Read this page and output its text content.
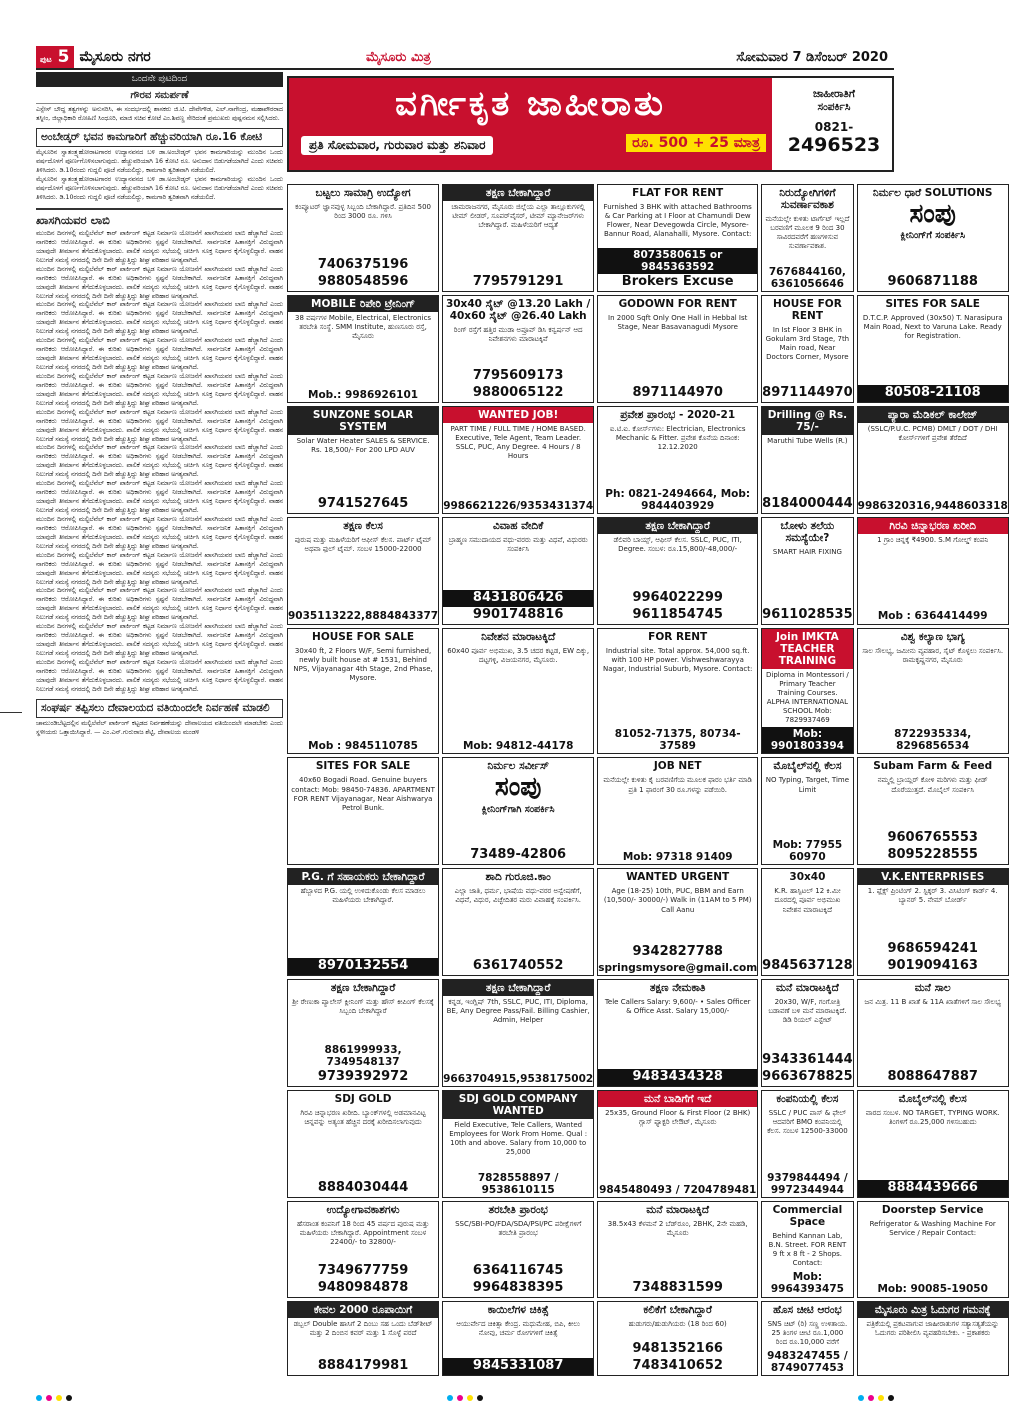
ಪುಟ 5 ಮೈಸೂರು ನಗರ	ಮೈಸೂರು ಮಿತ್ರ	ಸೋಮವಾರ 7 ಡಿಸೆಂಬರ್ 2020
ಒಂದನೇ ಪುಟದಿಂದ
ಗೌರವ ಸಮರ್ಪಣೆ
ಎಸ್ಪೇಸ್ ಬೌದ್ಧ ತತ್ವಗಳನ್ನು ಅನುಸರಿಸಿ, ಈ ಸಂದರ್ಭದಲ್ಲಿ ಶಾಸಕರು ಜಿ.ಟಿ. ದೇವೇಗೌಡ, ಎಲ್.ನಾಗೇಂದ್ರ, ಮಹಾಪೌರರಾದ ತಸ್ನೀಂ, ಜಿಲ್ಲಾಧಿಕಾರಿ ರೋಹಿಣಿ ಸಿಂಧೂರಿ, ಮಾಜಿ ಸಚಿವ ಕೋಟೆ ಎಂ.ಶಿವಣ್ಣ ಸೇರಿದಂತೆ ಪ್ರಮುಖರು ಪುಷ್ಪನಮನ ಸಲ್ಲಿಸಿದರು.
ಅಂಬೇಡ್ಕರ್ ಭವನ ಕಾಮಗಾರಿಗೆ ಹೆಚ್ಚುವರಿಯಾಗಿ ರೂ.16 ಕೋಟಿ
ಮೈಸೂರಿನ ಸ್ವಾತಂತ್ರ್ಯಹೋರಾಟಗಾರರ ಉದ್ಯಾನವನದ ಬಳಿ ಡಾ.ಅಂಬೇಡ್ಕರ್ ಭವನ ಕಾಮಗಾರಿಯನ್ನು ಮುಂದಿನ ಒಂದು ವರ್ಷದೊಳಗೆ ಪೂರ್ಣಗೊಳಿಸಲಾಗುವುದು. ಹೆಚ್ಚುವರಿಯಾಗಿ 16 ಕೋಟಿ ರೂ. ಅನುದಾನ ಬಿಡುಗಡೆಯಾಗಿದೆ ಎಂದು ಸಚಿವರು ತಿಳಿಸಿದರು. ಡಿ.10ರಂದು ಗುದ್ದಲಿ ಪೂಜೆ ನಡೆಯಲಿದ್ದು, ಕಾಮಗಾರಿ ತ್ವರಿತವಾಗಿ ನಡೆಯಲಿದೆ.
ಮೈಸೂರಿನ ಸ್ವಾತಂತ್ರ್ಯಹೋರಾಟಗಾರರ ಉದ್ಯಾನವನದ ಬಳಿ ಡಾ.ಅಂಬೇಡ್ಕರ್ ಭವನ ಕಾಮಗಾರಿಯನ್ನು ಮುಂದಿನ ಒಂದು ವರ್ಷದೊಳಗೆ ಪೂರ್ಣಗೊಳಿಸಲಾಗುವುದು. ಹೆಚ್ಚುವರಿಯಾಗಿ 16 ಕೋಟಿ ರೂ. ಅನುದಾನ ಬಿಡುಗಡೆಯಾಗಿದೆ ಎಂದು ಸಚಿವರು ತಿಳಿಸಿದರು. ಡಿ.10ರಂದು ಗುದ್ದಲಿ ಪೂಜೆ ನಡೆಯಲಿದ್ದು, ಕಾಮಗಾರಿ ತ್ವರಿತವಾಗಿ ನಡೆಯಲಿದೆ.
ಖಾಸಗಿಯವರ ಲಾಬಿ
ಮುಂದಿನ ದಿನಗಳಲ್ಲಿ ಮಲ್ಟಿಲೆವೆಲ್ ಕಾರ್ ಪಾರ್ಕಿಂಗ್ ಕಟ್ಟಡ ನಿರ್ಮಾಣ ಯೋಜನೆಗೆ ಖಾಸಗಿಯವರ ಲಾಬಿ ಹೆಚ್ಚಾಗಿದೆ ಎಂದು ನಾಗರಿಕರು ಆರೋಪಿಸಿದ್ದಾರೆ. ಈ ಕುರಿತು ಅಧಿಕಾರಿಗಳು ಸ್ಪಷ್ಟನೆ ನೀಡಬೇಕಾಗಿದೆ. ಸಾರ್ವಜನಿಕ ಹಿತಾಸಕ್ತಿಗೆ ವಿರುದ್ಧವಾಗಿ ಯಾವುದೇ ತೀರ್ಮಾನ ತೆಗೆದುಕೊಳ್ಳಬಾರದು. ಪಾಲಿಕೆ ಸದಸ್ಯರು ಸಭೆಯಲ್ಲಿ ಚರ್ಚಿಸಿ ಸೂಕ್ತ ನಿರ್ಧಾರ ಕೈಗೊಳ್ಳಲಿದ್ದಾರೆ. ವಾಹನ ನಿಲುಗಡೆ ಸಮಸ್ಯೆ ನಗರದಲ್ಲಿ ದಿನೇ ದಿನೇ ಹೆಚ್ಚುತ್ತಿದ್ದು ಶೀಘ್ರ ಪರಿಹಾರ ಅಗತ್ಯವಾಗಿದೆ.
ಮುಂದಿನ ದಿನಗಳಲ್ಲಿ ಮಲ್ಟಿಲೆವೆಲ್ ಕಾರ್ ಪಾರ್ಕಿಂಗ್ ಕಟ್ಟಡ ನಿರ್ಮಾಣ ಯೋಜನೆಗೆ ಖಾಸಗಿಯವರ ಲಾಬಿ ಹೆಚ್ಚಾಗಿದೆ ಎಂದು ನಾಗರಿಕರು ಆರೋಪಿಸಿದ್ದಾರೆ. ಈ ಕುರಿತು ಅಧಿಕಾರಿಗಳು ಸ್ಪಷ್ಟನೆ ನೀಡಬೇಕಾಗಿದೆ. ಸಾರ್ವಜನಿಕ ಹಿತಾಸಕ್ತಿಗೆ ವಿರುದ್ಧವಾಗಿ ಯಾವುದೇ ತೀರ್ಮಾನ ತೆಗೆದುಕೊಳ್ಳಬಾರದು. ಪಾಲಿಕೆ ಸದಸ್ಯರು ಸಭೆಯಲ್ಲಿ ಚರ್ಚಿಸಿ ಸೂಕ್ತ ನಿರ್ಧಾರ ಕೈಗೊಳ್ಳಲಿದ್ದಾರೆ. ವಾಹನ ನಿಲುಗಡೆ ಸಮಸ್ಯೆ ನಗರದಲ್ಲಿ ದಿನೇ ದಿನೇ ಹೆಚ್ಚುತ್ತಿದ್ದು ಶೀಘ್ರ ಪರಿಹಾರ ಅಗತ್ಯವಾಗಿದೆ.
ಮುಂದಿನ ದಿನಗಳಲ್ಲಿ ಮಲ್ಟಿಲೆವೆಲ್ ಕಾರ್ ಪಾರ್ಕಿಂಗ್ ಕಟ್ಟಡ ನಿರ್ಮಾಣ ಯೋಜನೆಗೆ ಖಾಸಗಿಯವರ ಲಾಬಿ ಹೆಚ್ಚಾಗಿದೆ ಎಂದು ನಾಗರಿಕರು ಆರೋಪಿಸಿದ್ದಾರೆ. ಈ ಕುರಿತು ಅಧಿಕಾರಿಗಳು ಸ್ಪಷ್ಟನೆ ನೀಡಬೇಕಾಗಿದೆ. ಸಾರ್ವಜನಿಕ ಹಿತಾಸಕ್ತಿಗೆ ವಿರುದ್ಧವಾಗಿ ಯಾವುದೇ ತೀರ್ಮಾನ ತೆಗೆದುಕೊಳ್ಳಬಾರದು. ಪಾಲಿಕೆ ಸದಸ್ಯರು ಸಭೆಯಲ್ಲಿ ಚರ್ಚಿಸಿ ಸೂಕ್ತ ನಿರ್ಧಾರ ಕೈಗೊಳ್ಳಲಿದ್ದಾರೆ. ವಾಹನ ನಿಲುಗಡೆ ಸಮಸ್ಯೆ ನಗರದಲ್ಲಿ ದಿನೇ ದಿನೇ ಹೆಚ್ಚುತ್ತಿದ್ದು ಶೀಘ್ರ ಪರಿಹಾರ ಅಗತ್ಯವಾಗಿದೆ.
ಮುಂದಿನ ದಿನಗಳಲ್ಲಿ ಮಲ್ಟಿಲೆವೆಲ್ ಕಾರ್ ಪಾರ್ಕಿಂಗ್ ಕಟ್ಟಡ ನಿರ್ಮಾಣ ಯೋಜನೆಗೆ ಖಾಸಗಿಯವರ ಲಾಬಿ ಹೆಚ್ಚಾಗಿದೆ ಎಂದು ನಾಗರಿಕರು ಆರೋಪಿಸಿದ್ದಾರೆ. ಈ ಕುರಿತು ಅಧಿಕಾರಿಗಳು ಸ್ಪಷ್ಟನೆ ನೀಡಬೇಕಾಗಿದೆ. ಸಾರ್ವಜನಿಕ ಹಿತಾಸಕ್ತಿಗೆ ವಿರುದ್ಧವಾಗಿ ಯಾವುದೇ ತೀರ್ಮಾನ ತೆಗೆದುಕೊಳ್ಳಬಾರದು. ಪಾಲಿಕೆ ಸದಸ್ಯರು ಸಭೆಯಲ್ಲಿ ಚರ್ಚಿಸಿ ಸೂಕ್ತ ನಿರ್ಧಾರ ಕೈಗೊಳ್ಳಲಿದ್ದಾರೆ. ವಾಹನ ನಿಲುಗಡೆ ಸಮಸ್ಯೆ ನಗರದಲ್ಲಿ ದಿನೇ ದಿನೇ ಹೆಚ್ಚುತ್ತಿದ್ದು ಶೀಘ್ರ ಪರಿಹಾರ ಅಗತ್ಯವಾಗಿದೆ.
ಮುಂದಿನ ದಿನಗಳಲ್ಲಿ ಮಲ್ಟಿಲೆವೆಲ್ ಕಾರ್ ಪಾರ್ಕಿಂಗ್ ಕಟ್ಟಡ ನಿರ್ಮಾಣ ಯೋಜನೆಗೆ ಖಾಸಗಿಯವರ ಲಾಬಿ ಹೆಚ್ಚಾಗಿದೆ ಎಂದು ನಾಗರಿಕರು ಆರೋಪಿಸಿದ್ದಾರೆ. ಈ ಕುರಿತು ಅಧಿಕಾರಿಗಳು ಸ್ಪಷ್ಟನೆ ನೀಡಬೇಕಾಗಿದೆ. ಸಾರ್ವಜನಿಕ ಹಿತಾಸಕ್ತಿಗೆ ವಿರುದ್ಧವಾಗಿ ಯಾವುದೇ ತೀರ್ಮಾನ ತೆಗೆದುಕೊಳ್ಳಬಾರದು. ಪಾಲಿಕೆ ಸದಸ್ಯರು ಸಭೆಯಲ್ಲಿ ಚರ್ಚಿಸಿ ಸೂಕ್ತ ನಿರ್ಧಾರ ಕೈಗೊಳ್ಳಲಿದ್ದಾರೆ. ವಾಹನ ನಿಲುಗಡೆ ಸಮಸ್ಯೆ ನಗರದಲ್ಲಿ ದಿನೇ ದಿನೇ ಹೆಚ್ಚುತ್ತಿದ್ದು ಶೀಘ್ರ ಪರಿಹಾರ ಅಗತ್ಯವಾಗಿದೆ.
ಮುಂದಿನ ದಿನಗಳಲ್ಲಿ ಮಲ್ಟಿಲೆವೆಲ್ ಕಾರ್ ಪಾರ್ಕಿಂಗ್ ಕಟ್ಟಡ ನಿರ್ಮಾಣ ಯೋಜನೆಗೆ ಖಾಸಗಿಯವರ ಲಾಬಿ ಹೆಚ್ಚಾಗಿದೆ ಎಂದು ನಾಗರಿಕರು ಆರೋಪಿಸಿದ್ದಾರೆ. ಈ ಕುರಿತು ಅಧಿಕಾರಿಗಳು ಸ್ಪಷ್ಟನೆ ನೀಡಬೇಕಾಗಿದೆ. ಸಾರ್ವಜನಿಕ ಹಿತಾಸಕ್ತಿಗೆ ವಿರುದ್ಧವಾಗಿ ಯಾವುದೇ ತೀರ್ಮಾನ ತೆಗೆದುಕೊಳ್ಳಬಾರದು. ಪಾಲಿಕೆ ಸದಸ್ಯರು ಸಭೆಯಲ್ಲಿ ಚರ್ಚಿಸಿ ಸೂಕ್ತ ನಿರ್ಧಾರ ಕೈಗೊಳ್ಳಲಿದ್ದಾರೆ. ವಾಹನ ನಿಲುಗಡೆ ಸಮಸ್ಯೆ ನಗರದಲ್ಲಿ ದಿನೇ ದಿನೇ ಹೆಚ್ಚುತ್ತಿದ್ದು ಶೀಘ್ರ ಪರಿಹಾರ ಅಗತ್ಯವಾಗಿದೆ.
ಮುಂದಿನ ದಿನಗಳಲ್ಲಿ ಮಲ್ಟಿಲೆವೆಲ್ ಕಾರ್ ಪಾರ್ಕಿಂಗ್ ಕಟ್ಟಡ ನಿರ್ಮಾಣ ಯೋಜನೆಗೆ ಖಾಸಗಿಯವರ ಲಾಬಿ ಹೆಚ್ಚಾಗಿದೆ ಎಂದು ನಾಗರಿಕರು ಆರೋಪಿಸಿದ್ದಾರೆ. ಈ ಕುರಿತು ಅಧಿಕಾರಿಗಳು ಸ್ಪಷ್ಟನೆ ನೀಡಬೇಕಾಗಿದೆ. ಸಾರ್ವಜನಿಕ ಹಿತಾಸಕ್ತಿಗೆ ವಿರುದ್ಧವಾಗಿ ಯಾವುದೇ ತೀರ್ಮಾನ ತೆಗೆದುಕೊಳ್ಳಬಾರದು. ಪಾಲಿಕೆ ಸದಸ್ಯರು ಸಭೆಯಲ್ಲಿ ಚರ್ಚಿಸಿ ಸೂಕ್ತ ನಿರ್ಧಾರ ಕೈಗೊಳ್ಳಲಿದ್ದಾರೆ. ವಾಹನ ನಿಲುಗಡೆ ಸಮಸ್ಯೆ ನಗರದಲ್ಲಿ ದಿನೇ ದಿನೇ ಹೆಚ್ಚುತ್ತಿದ್ದು ಶೀಘ್ರ ಪರಿಹಾರ ಅಗತ್ಯವಾಗಿದೆ.
ಮುಂದಿನ ದಿನಗಳಲ್ಲಿ ಮಲ್ಟಿಲೆವೆಲ್ ಕಾರ್ ಪಾರ್ಕಿಂಗ್ ಕಟ್ಟಡ ನಿರ್ಮಾಣ ಯೋಜನೆಗೆ ಖಾಸಗಿಯವರ ಲಾಬಿ ಹೆಚ್ಚಾಗಿದೆ ಎಂದು ನಾಗರಿಕರು ಆರೋಪಿಸಿದ್ದಾರೆ. ಈ ಕುರಿತು ಅಧಿಕಾರಿಗಳು ಸ್ಪಷ್ಟನೆ ನೀಡಬೇಕಾಗಿದೆ. ಸಾರ್ವಜನಿಕ ಹಿತಾಸಕ್ತಿಗೆ ವಿರುದ್ಧವಾಗಿ ಯಾವುದೇ ತೀರ್ಮಾನ ತೆಗೆದುಕೊಳ್ಳಬಾರದು. ಪಾಲಿಕೆ ಸದಸ್ಯರು ಸಭೆಯಲ್ಲಿ ಚರ್ಚಿಸಿ ಸೂಕ್ತ ನಿರ್ಧಾರ ಕೈಗೊಳ್ಳಲಿದ್ದಾರೆ. ವಾಹನ ನಿಲುಗಡೆ ಸಮಸ್ಯೆ ನಗರದಲ್ಲಿ ದಿನೇ ದಿನೇ ಹೆಚ್ಚುತ್ತಿದ್ದು ಶೀಘ್ರ ಪರಿಹಾರ ಅಗತ್ಯವಾಗಿದೆ.
ಮುಂದಿನ ದಿನಗಳಲ್ಲಿ ಮಲ್ಟಿಲೆವೆಲ್ ಕಾರ್ ಪಾರ್ಕಿಂಗ್ ಕಟ್ಟಡ ನಿರ್ಮಾಣ ಯೋಜನೆಗೆ ಖಾಸಗಿಯವರ ಲಾಬಿ ಹೆಚ್ಚಾಗಿದೆ ಎಂದು ನಾಗರಿಕರು ಆರೋಪಿಸಿದ್ದಾರೆ. ಈ ಕುರಿತು ಅಧಿಕಾರಿಗಳು ಸ್ಪಷ್ಟನೆ ನೀಡಬೇಕಾಗಿದೆ. ಸಾರ್ವಜನಿಕ ಹಿತಾಸಕ್ತಿಗೆ ವಿರುದ್ಧವಾಗಿ ಯಾವುದೇ ತೀರ್ಮಾನ ತೆಗೆದುಕೊಳ್ಳಬಾರದು. ಪಾಲಿಕೆ ಸದಸ್ಯರು ಸಭೆಯಲ್ಲಿ ಚರ್ಚಿಸಿ ಸೂಕ್ತ ನಿರ್ಧಾರ ಕೈಗೊಳ್ಳಲಿದ್ದಾರೆ. ವಾಹನ ನಿಲುಗಡೆ ಸಮಸ್ಯೆ ನಗರದಲ್ಲಿ ದಿನೇ ದಿನೇ ಹೆಚ್ಚುತ್ತಿದ್ದು ಶೀಘ್ರ ಪರಿಹಾರ ಅಗತ್ಯವಾಗಿದೆ.
ಮುಂದಿನ ದಿನಗಳಲ್ಲಿ ಮಲ್ಟಿಲೆವೆಲ್ ಕಾರ್ ಪಾರ್ಕಿಂಗ್ ಕಟ್ಟಡ ನಿರ್ಮಾಣ ಯೋಜನೆಗೆ ಖಾಸಗಿಯವರ ಲಾಬಿ ಹೆಚ್ಚಾಗಿದೆ ಎಂದು ನಾಗರಿಕರು ಆರೋಪಿಸಿದ್ದಾರೆ. ಈ ಕುರಿತು ಅಧಿಕಾರಿಗಳು ಸ್ಪಷ್ಟನೆ ನೀಡಬೇಕಾಗಿದೆ. ಸಾರ್ವಜನಿಕ ಹಿತಾಸಕ್ತಿಗೆ ವಿರುದ್ಧವಾಗಿ ಯಾವುದೇ ತೀರ್ಮಾನ ತೆಗೆದುಕೊಳ್ಳಬಾರದು. ಪಾಲಿಕೆ ಸದಸ್ಯರು ಸಭೆಯಲ್ಲಿ ಚರ್ಚಿಸಿ ಸೂಕ್ತ ನಿರ್ಧಾರ ಕೈಗೊಳ್ಳಲಿದ್ದಾರೆ. ವಾಹನ ನಿಲುಗಡೆ ಸಮಸ್ಯೆ ನಗರದಲ್ಲಿ ದಿನೇ ದಿನೇ ಹೆಚ್ಚುತ್ತಿದ್ದು ಶೀಘ್ರ ಪರಿಹಾರ ಅಗತ್ಯವಾಗಿದೆ.
ಮುಂದಿನ ದಿನಗಳಲ್ಲಿ ಮಲ್ಟಿಲೆವೆಲ್ ಕಾರ್ ಪಾರ್ಕಿಂಗ್ ಕಟ್ಟಡ ನಿರ್ಮಾಣ ಯೋಜನೆಗೆ ಖಾಸಗಿಯವರ ಲಾಬಿ ಹೆಚ್ಚಾಗಿದೆ ಎಂದು ನಾಗರಿಕರು ಆರೋಪಿಸಿದ್ದಾರೆ. ಈ ಕುರಿತು ಅಧಿಕಾರಿಗಳು ಸ್ಪಷ್ಟನೆ ನೀಡಬೇಕಾಗಿದೆ. ಸಾರ್ವಜನಿಕ ಹಿತಾಸಕ್ತಿಗೆ ವಿರುದ್ಧವಾಗಿ ಯಾವುದೇ ತೀರ್ಮಾನ ತೆಗೆದುಕೊಳ್ಳಬಾರದು. ಪಾಲಿಕೆ ಸದಸ್ಯರು ಸಭೆಯಲ್ಲಿ ಚರ್ಚಿಸಿ ಸೂಕ್ತ ನಿರ್ಧಾರ ಕೈಗೊಳ್ಳಲಿದ್ದಾರೆ. ವಾಹನ ನಿಲುಗಡೆ ಸಮಸ್ಯೆ ನಗರದಲ್ಲಿ ದಿನೇ ದಿನೇ ಹೆಚ್ಚುತ್ತಿದ್ದು ಶೀಘ್ರ ಪರಿಹಾರ ಅಗತ್ಯವಾಗಿದೆ.
ಮುಂದಿನ ದಿನಗಳಲ್ಲಿ ಮಲ್ಟಿಲೆವೆಲ್ ಕಾರ್ ಪಾರ್ಕಿಂಗ್ ಕಟ್ಟಡ ನಿರ್ಮಾಣ ಯೋಜನೆಗೆ ಖಾಸಗಿಯವರ ಲಾಬಿ ಹೆಚ್ಚಾಗಿದೆ ಎಂದು ನಾಗರಿಕರು ಆರೋಪಿಸಿದ್ದಾರೆ. ಈ ಕುರಿತು ಅಧಿಕಾರಿಗಳು ಸ್ಪಷ್ಟನೆ ನೀಡಬೇಕಾಗಿದೆ. ಸಾರ್ವಜನಿಕ ಹಿತಾಸಕ್ತಿಗೆ ವಿರುದ್ಧವಾಗಿ ಯಾವುದೇ ತೀರ್ಮಾನ ತೆಗೆದುಕೊಳ್ಳಬಾರದು. ಪಾಲಿಕೆ ಸದಸ್ಯರು ಸಭೆಯಲ್ಲಿ ಚರ್ಚಿಸಿ ಸೂಕ್ತ ನಿರ್ಧಾರ ಕೈಗೊಳ್ಳಲಿದ್ದಾರೆ. ವಾಹನ ನಿಲುಗಡೆ ಸಮಸ್ಯೆ ನಗರದಲ್ಲಿ ದಿನೇ ದಿನೇ ಹೆಚ್ಚುತ್ತಿದ್ದು ಶೀಘ್ರ ಪರಿಹಾರ ಅಗತ್ಯವಾಗಿದೆ.
ಮುಂದಿನ ದಿನಗಳಲ್ಲಿ ಮಲ್ಟಿಲೆವೆಲ್ ಕಾರ್ ಪಾರ್ಕಿಂಗ್ ಕಟ್ಟಡ ನಿರ್ಮಾಣ ಯೋಜನೆಗೆ ಖಾಸಗಿಯವರ ಲಾಬಿ ಹೆಚ್ಚಾಗಿದೆ ಎಂದು ನಾಗರಿಕರು ಆರೋಪಿಸಿದ್ದಾರೆ. ಈ ಕುರಿತು ಅಧಿಕಾರಿಗಳು ಸ್ಪಷ್ಟನೆ ನೀಡಬೇಕಾಗಿದೆ. ಸಾರ್ವಜನಿಕ ಹಿತಾಸಕ್ತಿಗೆ ವಿರುದ್ಧವಾಗಿ ಯಾವುದೇ ತೀರ್ಮಾನ ತೆಗೆದುಕೊಳ್ಳಬಾರದು. ಪಾಲಿಕೆ ಸದಸ್ಯರು ಸಭೆಯಲ್ಲಿ ಚರ್ಚಿಸಿ ಸೂಕ್ತ ನಿರ್ಧಾರ ಕೈಗೊಳ್ಳಲಿದ್ದಾರೆ. ವಾಹನ ನಿಲುಗಡೆ ಸಮಸ್ಯೆ ನಗರದಲ್ಲಿ ದಿನೇ ದಿನೇ ಹೆಚ್ಚುತ್ತಿದ್ದು ಶೀಘ್ರ ಪರಿಹಾರ ಅಗತ್ಯವಾಗಿದೆ.
ಸಂಘರ್ಷ ತಪ್ಪಿಸಲು ದೇವಾಲಯದ ವತಿಯಿಂದಲೇ ನಿರ್ವಹಣೆ ಮಾಡಲಿ
ಚಾಮುಂಡಿಬೆಟ್ಟದಲ್ಲಿನ ಮಲ್ಟಿಲೆವೆಲ್ ಪಾರ್ಕಿಂಗ್ ಕಟ್ಟಡದ ನಿರ್ವಹಣೆಯನ್ನು ದೇವಾಲಯದ ವತಿಯಿಂದಲೇ ಮಾಡಬೇಕು ಎಂದು ಸ್ಥಳೀಯರು ಒತ್ತಾಯಿಸಿದ್ದಾರೆ. — ಎಂ.ಎನ್.ಗುರುರಾಜ ಶೆಟ್ಟಿ, ದೇವಾಲಯ ಮಂಡಳಿ
ವರ್ಗೀಕೃತ ಜಾಹೀರಾತು
ಪ್ರತಿ ಸೋಮವಾರ, ಗುರುವಾರ ಮತ್ತು ಶನಿವಾರ	ರೂ. 500 + 25 ಮಾತ್ರ
ಜಾಹೀರಾತಿಗೆ
ಸಂಪರ್ಕಿಸಿ
0821-
2496523
ಬಟ್ಟಲು ಸಾಮಾಗ್ರಿ ಉದ್ಯೋಗ
ಕಂಪ್ಯೂಟರ್ ಜ್ಞಾನವುಳ್ಳ ಸಿಬ್ಬಂದಿ ಬೇಕಾಗಿದ್ದಾರೆ. ಪ್ರತಿದಿನ 500 ರಿಂದ 3000 ರೂ. ಗಳಿಸಿ
7406375196
9880548596
ತಕ್ಷಣ ಬೇಕಾಗಿದ್ದಾರೆ
ಚಾಮರಾಜನಗರ, ಮೈಸೂರು ಜಿಲ್ಲೆಯ ಎಲ್ಲಾ ತಾಲ್ಲೂಕುಗಳಲ್ಲಿ ಟೀಮ್ ಲೀಡರ್, ಸೂಪರ್‌ವೈಸರ್, ಟೀಮ್ ಮ್ಯಾನೇಜರ್‌ಗಳು ಬೇಕಾಗಿದ್ದಾರೆ. ಮಹಿಳೆಯರಿಗೆ ಆದ್ಯತೆ
7795791291
FLAT FOR RENT
Furnished 3 BHK with attached Bathrooms & Car Parking at I Floor at Chamundi Dew Flower, Near Devegowda Circle, Mysore-Bannur Road, Alanahalli, Mysore. Contact:
8073580615 or 9845363592
Brokers Excuse
ನಿರುದ್ಯೋಗಿಗಳಿಗೆ ಸುವರ್ಣಾವಕಾಶ
ಮನೆಯಲ್ಲೇ ಕುಳಿತು ಟಾರ್ಗೆಟ್ ಇಲ್ಲದೆ ಬರವಣಿಗೆ ಮೂಲಕ 9 ರಿಂದ 30 ಸಾವಿರದವರೆಗೆ ಹಣಗಳಿಸುವ ಸುವರ್ಣಾವಕಾಶ.
7676844160, 6361056646
ನಿರ್ಮಲ ಧಾರೆ SOLUTIONS
ಸಂಪು
ಕ್ಲೀನಿಂಗ್‌ಗೆ ಸಂಪರ್ಕಿಸಿ
9606871188
MOBILE ರಿಪೇರಿ ಟ್ರೇನಿಂಗ್
38 ವರ್ಷಗಳ Mobile, Electrical, Electronics ತರಬೇತಿ ಸಂಸ್ಥೆ. SMM Institute, ಹುಣಸೂರು ರಸ್ತೆ, ಮೈಸೂರು
Mob.: 9986926101
30x40 ಸೈಟ್ @13.20 Lakh / 40x60 ಸೈಟ್ @26.40 Lakh
ರಿಂಗ್ ರಸ್ತೆಗೆ ಹತ್ತಿರ ಮುಡಾ ಅಪ್ರೂವ್ ಡಿಸಿ ಕನ್ವರ್ಷನ್ ಆದ ನಿವೇಶನಗಳು ಮಾರಾಟಕ್ಕಿವೆ
7795609173
9880065122
GODOWN FOR RENT
In 2000 Sqft Only One Hall in Hebbal Ist Stage, Near Basavanagudi Mysore
8971144970
HOUSE FOR RENT
In Ist Floor 3 BHK in Gokulam 3rd Stage, 7th Main road, Near Doctors Corner, Mysore
8971144970
SITES FOR SALE
D.T.C.P. Approved (30x50) T. Narasipura Main Road, Next to Varuna Lake. Ready for Registration.
80508-21108
SUNZONE SOLAR SYSTEM
Solar Water Heater SALES & SERVICE. Rs. 18,500/- For 200 LPD AUV
9741527645
WANTED JOB!
PART TIME / FULL TIME / HOME BASED. Executive, Tele Agent, Team Leader. SSLC, PUC, Any Degree. 4 Hours / 8 Hours
9986621226/9353431374
ಪ್ರವೇಶ ಪ್ರಾರಂಭ - 2020-21
ಐ.ಟಿ.ಐ. ಕೋರ್ಸ್‌ಗಳು: Electrician, Electronics Mechanic & Fitter. ಪ್ರವೇಶ ಕೊನೆಯ ದಿನಾಂಕ: 12.12.2020
Ph: 0821-2494664, Mob: 9844403929
Drilling @ Rs. 75/-
Maruthi Tube Wells (R.)
8184000444
ಪ್ಯಾರಾ ಮೆಡಿಕಲ್ ಕಾಲೇಜ್
(SSLC/P.U.C. PCMB) DMLT / DOT / DHI ಕೋರ್ಸ್‌ಗಳಿಗೆ ಪ್ರವೇಶ ತೆರೆದಿದೆ
9986320316,9448603318
ತಕ್ಷಣ ಕೆಲಸ
ಪುರುಷ ಮತ್ತು ಮಹಿಳೆಯರಿಗೆ ಆಫೀಸ್ ಕೆಲಸ. ಪಾರ್ಟ್ ಟೈಮ್ ಅಥವಾ ಫುಲ್ ಟೈಮ್. ಸಂಬಳ 15000-22000
9035113222,8884843377
ವಿವಾಹ ವೇದಿಕೆ
ಬ್ರಾಹ್ಮಣ ಸಮುದಾಯದ ವಧು-ವರರು ಮತ್ತು ವಿಧವೆ, ವಿಧುರರು ಸಂಪರ್ಕಿಸಿ
8431806426
9901748816
ತಕ್ಷಣ ಬೇಕಾಗಿದ್ದಾರೆ
ಡೆಲಿವರಿ ಬಾಯ್ಸ್, ಆಫೀಸ್ ಕೆಲಸ. SSLC, PUC, ITI, Degree. ಸಂಬಳ: ರೂ.15,800/-48,000/-
9964022299
9611854745
ಬೋಳು ತಲೆಯ ಸಮಸ್ಯೆಯೇ?
SMART HAIR FIXING
9611028535
ಗಿರವಿ ಚಿನ್ನಾಭರಣ ಖರೀದಿ
1 ಗ್ರಾಂ ಚಿನ್ನಕ್ಕೆ ₹4900. S.M ಗೋಲ್ಡ್ ಕಂಪನಿ
Mob : 6364414499
HOUSE FOR SALE
30x40 ft, 2 Floors W/F, Semi furnished, newly built house at # 1531, Behind NPS, Vijayanagar 4th Stage, 2nd Phase, Mysore.
Mob : 9845110785
ನಿವೇಶನ ಮಾರಾಟಕ್ಕಿದೆ
60x40 ಪೂರ್ವ ಅಭಿಮುಖ, 3.5 ಚದರ ಕಟ್ಟಡ, EW ದಿಕ್ಕು, ದಟ್ಟಗಳ್ಳಿ, ವಿಜಯನಗರ, ಮೈಸೂರು.
Mob: 94812-44178
FOR RENT
Industrial site. Total approx. 54,000 sq.ft. with 100 HP power. Vishweshwarayya Nagar, Industrial Suburb, Mysore. Contact:
81052-71375, 80734-37589
Join IMKTA TEACHER TRAINING
Diploma in Montessori / Primary Teacher Training Courses. ALPHA INTERNATIONAL SCHOOL Mob: 7829937469
Mob: 9901803394
ವಿಶ್ವ ಕಲ್ಯಾಣ ಭಾಗ್ಯ
ಸಾಲ ಸೌಲಭ್ಯ, ಜಮೀನು ವ್ಯವಹಾರ, ಸೈಟ್ ಕೊಳ್ಳಲು ಸಂಪರ್ಕಿಸಿ. ರಾಮಕೃಷ್ಣನಗರ, ಮೈಸೂರು
8722935334, 8296856534
SITES FOR SALE
40x60 Bogadi Road. Genuine buyers contact: Mob: 98450-74836. APARTMENT FOR RENT Vijayanagar, Near Aishwarya Petrol Bunk.
ನಿರ್ಮಲ ಸರ್ವೀಸ್
ಸಂಪು
ಕ್ಲೀನಿಂಗ್‌ಗಾಗಿ ಸಂಪರ್ಕಿಸಿ
73489-42806
JOB NET
ಮನೆಯಲ್ಲೇ ಕುಳಿತು ಕೈ ಬರವಣಿಗೆಯ ಮೂಲಕ ಫಾರಂ ಭರ್ತಿ ಮಾಡಿ ಪ್ರತಿ 1 ಫಾರಂಗೆ 30 ರೂ.ಗಳನ್ನು ಪಡೆಯಿರಿ.
Mob: 97318 91409
ಮೊಬೈಲ್‌ನಲ್ಲಿ ಕೆಲಸ
NO Typing, Target, Time Limit
Mob: 77955 60970
Subam Farm & Feed
ನಮ್ಮಲ್ಲಿ ಬ್ರಾಯ್ಲರ್ ಕೋಳಿ ಮರಿಗಳು ಮತ್ತು ಫೀಡ್ ದೊರೆಯುತ್ತದೆ. ಮೊಬೈಲ್ ಸಂಪರ್ಕಿಸಿ
9606765553
8095228555
P.G. ಗೆ ಸಹಾಯಕರು ಬೇಕಾಗಿದ್ದಾರೆ
ಹೆಬ್ಬಾಳದ P.G. ಯಲ್ಲಿ ಉಳಿದುಕೊಂಡು ಕೆಲಸ ಮಾಡಲು ಮಹಿಳೆಯರು ಬೇಕಾಗಿದ್ದಾರೆ.
8970132554
ಶಾದಿ ಗುರೂಜಿ.ಕಾಂ
ಎಲ್ಲಾ ಜಾತಿ, ಧರ್ಮ, ಭಾಷೆಯ ವಧು-ವರರ ಅನ್ವೇಷಣೆಗೆ, ವಿಧವೆ, ವಿಧುರ, ವಿಚ್ಛೇದಿತರ ಮರು ವಿವಾಹಕ್ಕೆ ಸಂಪರ್ಕಿಸಿ.
6361740552
WANTED URGENT
Age (18-25) 10th, PUC, BBM and Earn (10,500/- 30000/-) Walk in (11AM to 5 PM) Call Aanu
9342827788
springsmysore@gmail.com
30x40
K.R. ಹಾಸ್ಪಿಟಲ್ 12 ಕಿ.ಮೀ ದೂರದಲ್ಲಿ ಪೂರ್ವ ಅಭಿಮುಖ ನಿವೇಶನ ಮಾರಾಟಕ್ಕಿದೆ
9845637128
V.K.ENTERPRISES
1. ಫ್ಲೆಕ್ಸ್ ಪ್ರಿಂಟಿಂಗ್ 2. ಸ್ಟಿಕ್ಕರ್ 3. ವಿಸಿಟಿಂಗ್ ಕಾರ್ಡ್ 4. ಬ್ಯಾನರ್ 5. ನೇಮ್ ಬೋರ್ಡ್
9686594241
9019094163
ತಕ್ಷಣ ಬೇಕಾಗಿದ್ದಾರೆ
ಶ್ರೀ ರೇಣುಕಾ ಪ್ಯಾಲೇಸ್ ಕ್ಲೀನಿಂಗ್ ಮತ್ತು ಹೌಸ್ ಕೀಪಿಂಗ್ ಕೆಲಸಕ್ಕೆ ಸಿಬ್ಬಂದಿ ಬೇಕಾಗಿದ್ದಾರೆ
8861999933, 7349548137
9739392972
ತಕ್ಷಣ ಬೇಕಾಗಿದ್ದಾರೆ
ಕನ್ನಡ, ಇಂಗ್ಲಿಷ್ 7th, SSLC, PUC, ITI, Diploma, BE, Any Degree Pass/Fail. Billing Cashier, Admin, Helper
9663704915,9538175002
ತಕ್ಷಣ ನೇಮಕಾತಿ
Tele Callers Salary: 9,600/- • Sales Officer & Office Asst. Salary 15,000/-
9483434328
ಮನೆ ಮಾರಾಟಕ್ಕಿದೆ
20x30, W/F, ಗಂಗೋತ್ರಿ ಬಡಾವಣೆ ಬಳಿ ಮನೆ ಮಾರಾಟಕ್ಕಿದೆ. ಡಿಡಿ ರಿಯಲ್ ಎಸ್ಟೇಟ್
9343361444
9663678825
ಮನೆ ಸಾಲ
ಜನ ಮಿತ್ರ. 11 B ಖಾತೆ & 11A ಖಾತೆಗಳಿಗೆ ಸಾಲ ಸೌಲಭ್ಯ
8088647887
SDJ GOLD
ಗಿರವಿ ಚಿನ್ನಾಭರಣ ಖರೀದಿ. ಬ್ಯಾಂಕ್‌ಗಳಲ್ಲಿ ಅಡಮಾನವಿಟ್ಟ ಚಿನ್ನವನ್ನು ಅತ್ಯಂತ ಹೆಚ್ಚಿನ ದರಕ್ಕೆ ಖರೀದಿಸಲಾಗುವುದು
8884030444
SDJ GOLD COMPANY WANTED
Field Executive, Tele Callers, Wanted Employees for Work From Home. Qual : 10th and above. Salary from 10,000 to 25,000
7828558897 / 9538610115
ಮನೆ ಬಾಡಿಗೆಗೆ ಇದೆ
25x35, Ground Floor & First Floor (2 BHK) ಗ್ಲಾಸ್ ಫ್ಯಾಕ್ಟರಿ ಲೇಔಟ್, ಮೈಸೂರು
9845480493 / 7204789481
ಕಂಪನಿಯಲ್ಲಿ ಕೆಲಸ
SSLC / PUC ಪಾಸ್ & ಫೇಲ್ ಆದವರಿಗೆ BMO ಕಂಪನಿಯಲ್ಲಿ ಕೆಲಸ. ಸಂಬಳ 12500-33000
9379844494 / 9972344944
ಮೊಬೈಲ್‌ನಲ್ಲಿ ಕೆಲಸ
ವಾರದ ಸಂಬಳ. NO TARGET, TYPING WORK. ತಿಂಗಳಿಗೆ ರೂ.25,000 ಗಳಿಸಬಹುದು
8884439666
ಉದ್ಯೋಗಾವಕಾಶಗಳು
ಹೆಸರಾಂತ ಕಂಪನಿಗೆ 18 ರಿಂದ 45 ವರ್ಷದ ಪುರುಷ ಮತ್ತು ಮಹಿಳೆಯರು ಬೇಕಾಗಿದ್ದಾರೆ. Appointment ಸಂಬಳ 22400/- to 32800/-
7349677759
9480984878
ತರಬೇತಿ ಪ್ರಾರಂಭ
SSC/SBI-PO/FDA/SDA/PSI/PC ಪರೀಕ್ಷೆಗಳಿಗೆ ತರಬೇತಿ ಪ್ರಾರಂಭ
6364116745
9964838395
ಮನೆ ಮಾರಾಟಕ್ಕಿದೆ
38.5x43 ಕೆಳಮನೆ 2 ಬೆಡ್‌ರೂಂ, 2BHK, 2ನೇ ಮಹಡಿ, ಮೈಸೂರು
7348831599
Commercial Space
Behind Kannan Lab, B.N. Street. FOR RENT 9 ft x 8 ft - 2 Shops. Contact:
Mob: 9964393475
Doorstep Service
Refrigerator & Washing Machine For Service / Repair Contact:
Mob: 90085-19050
ಕೇವಲ 2000 ರೂಪಾಯಿಗೆ
ಡಬ್ಬಲ್ Double ಹಾಸಿಗೆ 2 ದಿಂಬು ಸಹ ಒಂದು ಬೆಡ್‌ಶೀಟ್ ಮತ್ತು 2 ದಿಂಬಿನ ಕವರ್ ಮತ್ತು 1 ಸೊಳ್ಳೆ ಪರದೆ
8884179981
ಕಾಯಿಲೆಗಳ ಚಿಕಿತ್ಸೆ
ಆಯುರ್ವೇದ ಚಿಕಿತ್ಸಾ ಕೇಂದ್ರ. ಮಧುಮೇಹ, ಬಿಪಿ, ಕೀಲು ನೋವು, ಚರ್ಮ ರೋಗಗಳಿಗೆ ಚಿಕಿತ್ಸೆ
9845331087
ಕಲಿಕೆಗೆ ಬೇಕಾಗಿದ್ದಾರೆ
ಹುಡುಗರು/ಹುಡುಗಿಯರು (18 ರಿಂದ 60)
9481352166
7483410652
ಹೊಸ ಚೀಟಿ ಆರಂಭ
SNS ಚಿಟ್ (ರಿ) ಸಣ್ಣ ಉಳಿತಾಯ. 25 ತಿಂಗಳ ಚೀಟಿ ರೂ.1,000 ರಿಂದ ರೂ.10,000 ವರೆಗೆ
9483247455 / 8749077453
ಮೈಸೂರು ಮಿತ್ರ ಓದುಗರ ಗಮನಕ್ಕೆ
ಪತ್ರಿಕೆಯಲ್ಲಿ ಪ್ರಕಟವಾಗುವ ಜಾಹೀರಾತುಗಳ ಸತ್ಯಾಸತ್ಯತೆಯನ್ನು ಓದುಗರು ಪರಿಶೀಲಿಸಿ ವ್ಯವಹರಿಸಬೇಕು. - ಪ್ರಕಾಶಕರು
